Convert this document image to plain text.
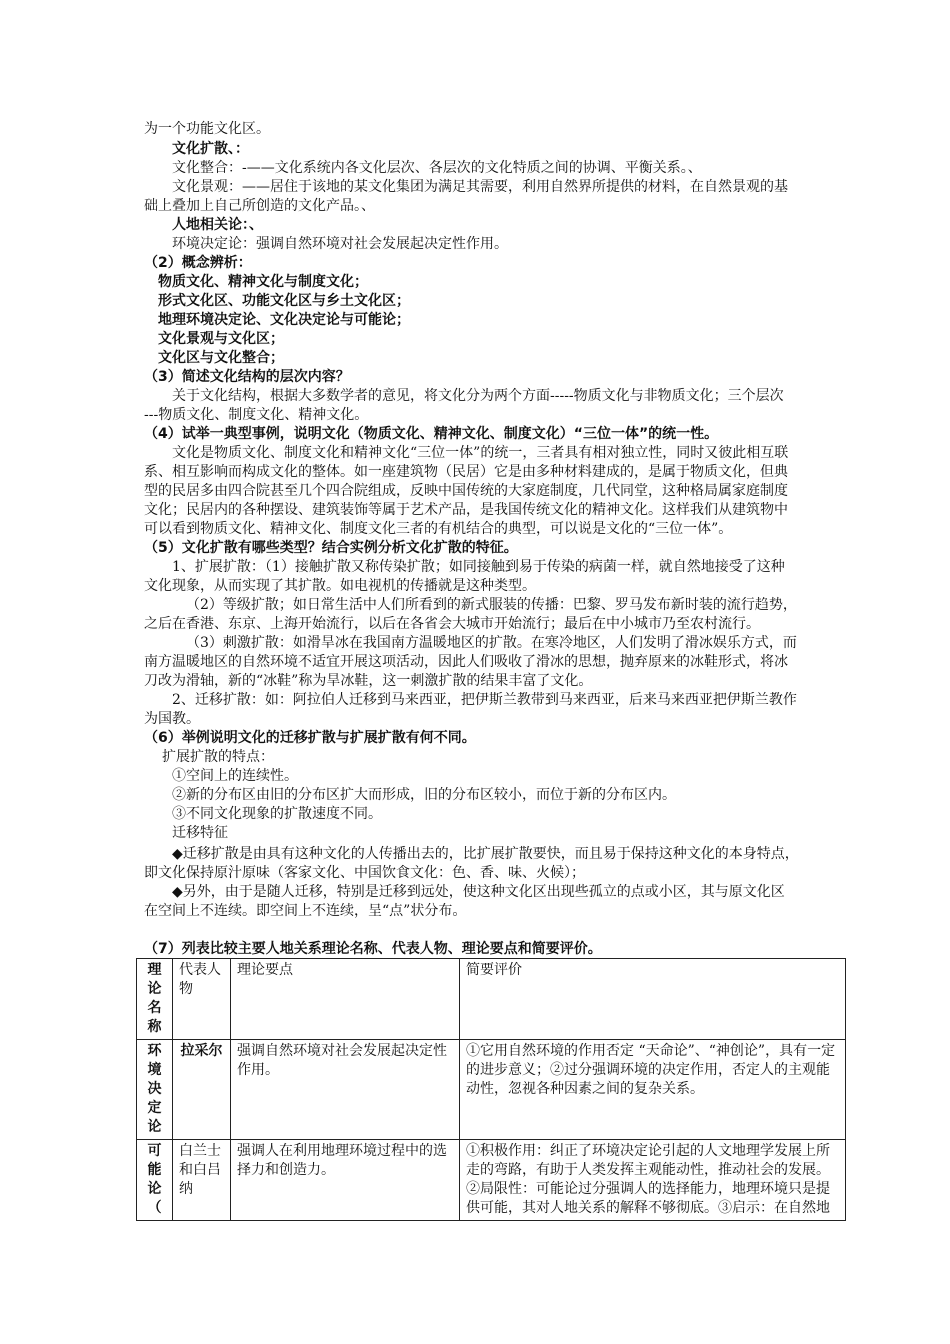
为一个功能文化区。
文化扩散、：
文化整合：-——文化系统内各文化层次、各层次的文化特质之间的协调、平衡关系。、
文化景观：——居住于该地的某文化集团为满足其需要，利用自然界所提供的材料，在自然景观的基
础上叠加上自己所创造的文化产品。、
人地相关论：、
环境决定论：强调自然环境对社会发展起决定性作用。
（2）概念辨析：
物质文化、精神文化与制度文化；
形式文化区、功能文化区与乡土文化区；
地理环境决定论、文化决定论与可能论；
文化景观与文化区；
文化区与文化整合；
（3）简述文化结构的层次内容？
关于文化结构，根据大多数学者的意见，将文化分为两个方面-----物质文化与非物质文化；三个层次
---物质文化、制度文化、精神文化。
（4）试举一典型事例，说明文化（物质文化、精神文化、制度文化）“三位一体”的统一性。
文化是物质文化、制度文化和精神文化“三位一体”的统一，三者具有相对独立性，同时又彼此相互联
系、相互影响而构成文化的整体。如一座建筑物（民居）它是由多种材料建成的，是属于物质文化，但典
型的民居多由四合院甚至几个四合院组成，反映中国传统的大家庭制度，几代同堂，这种格局属家庭制度
文化；民居内的各种摆设、建筑装饰等属于艺术产品，是我国传统文化的精神文化。这样我们从建筑物中
可以看到物质文化、精神文化、制度文化三者的有机结合的典型，可以说是文化的“三位一体”。
（5）文化扩散有哪些类型？结合实例分析文化扩散的特征。
1、扩展扩散：（1）接触扩散又称传染扩散；如同接触到易于传染的病菌一样，就自然地接受了这种
文化现象，从而实现了其扩散。如电视机的传播就是这种类型。
（2）等级扩散；如日常生活中人们所看到的新式服装的传播：巴黎、罗马发布新时装的流行趋势，
之后在香港、东京、上海开始流行，以后在各省会大城市开始流行；最后在中小城市乃至农村流行。
（3）刺激扩散：如滑旱冰在我国南方温暖地区的扩散。在寒冷地区，人们发明了滑冰娱乐方式，而
南方温暖地区的自然环境不适宜开展这项活动，因此人们吸收了滑冰的思想，抛弃原来的冰鞋形式，将冰
刀改为滑轴，新的“冰鞋”称为旱冰鞋，这一刺激扩散的结果丰富了文化。
2、迁移扩散：如：阿拉伯人迁移到马来西亚，把伊斯兰教带到马来西亚，后来马来西亚把伊斯兰教作
为国教。
（6）举例说明文化的迁移扩散与扩展扩散有何不同。
扩展扩散的特点：
①空间上的连续性。
②新的分布区由旧的分布区扩大而形成，旧的分布区较小，而位于新的分布区内。
③不同文化现象的扩散速度不同。
迁移特征
◆迁移扩散是由具有这种文化的人传播出去的，比扩展扩散要快，而且易于保持这种文化的本身特点，
即文化保持原汁原味（客家文化、中国饮食文化：色、香、味、火候）；
◆另外，由于是随人迁移，特别是迁移到远处，使这种文化区出现些孤立的点或小区，其与原文化区
在空间上不连续。即空间上不连续，呈“点”状分布。
（7）列表比较主要人地关系理论名称、代表人物、理论要点和简要评价。
理论名称	代表人物	理论要点	简要评价
环境决定论	拉采尔	强调自然环境对社会发展起决定性作用。	①它用自然环境的作用否定 “天命论”、“神创论”，具有一定的进步意义；②过分强调环境的决定作用，否定人的主观能动性，忽视各种因素之间的复杂关系。
可能论（	白兰士和白吕纳	强调人在利用地理环境过程中的选择力和创造力。	①积极作用：纠正了环境决定论引起的人文地理学发展上所走的弯路，有助于人类发挥主观能动性，推动社会的发展。②局限性：可能论过分强调人的选择能力，地理环境只是提供可能，其对人地关系的解释不够彻底。③启示：在自然地
